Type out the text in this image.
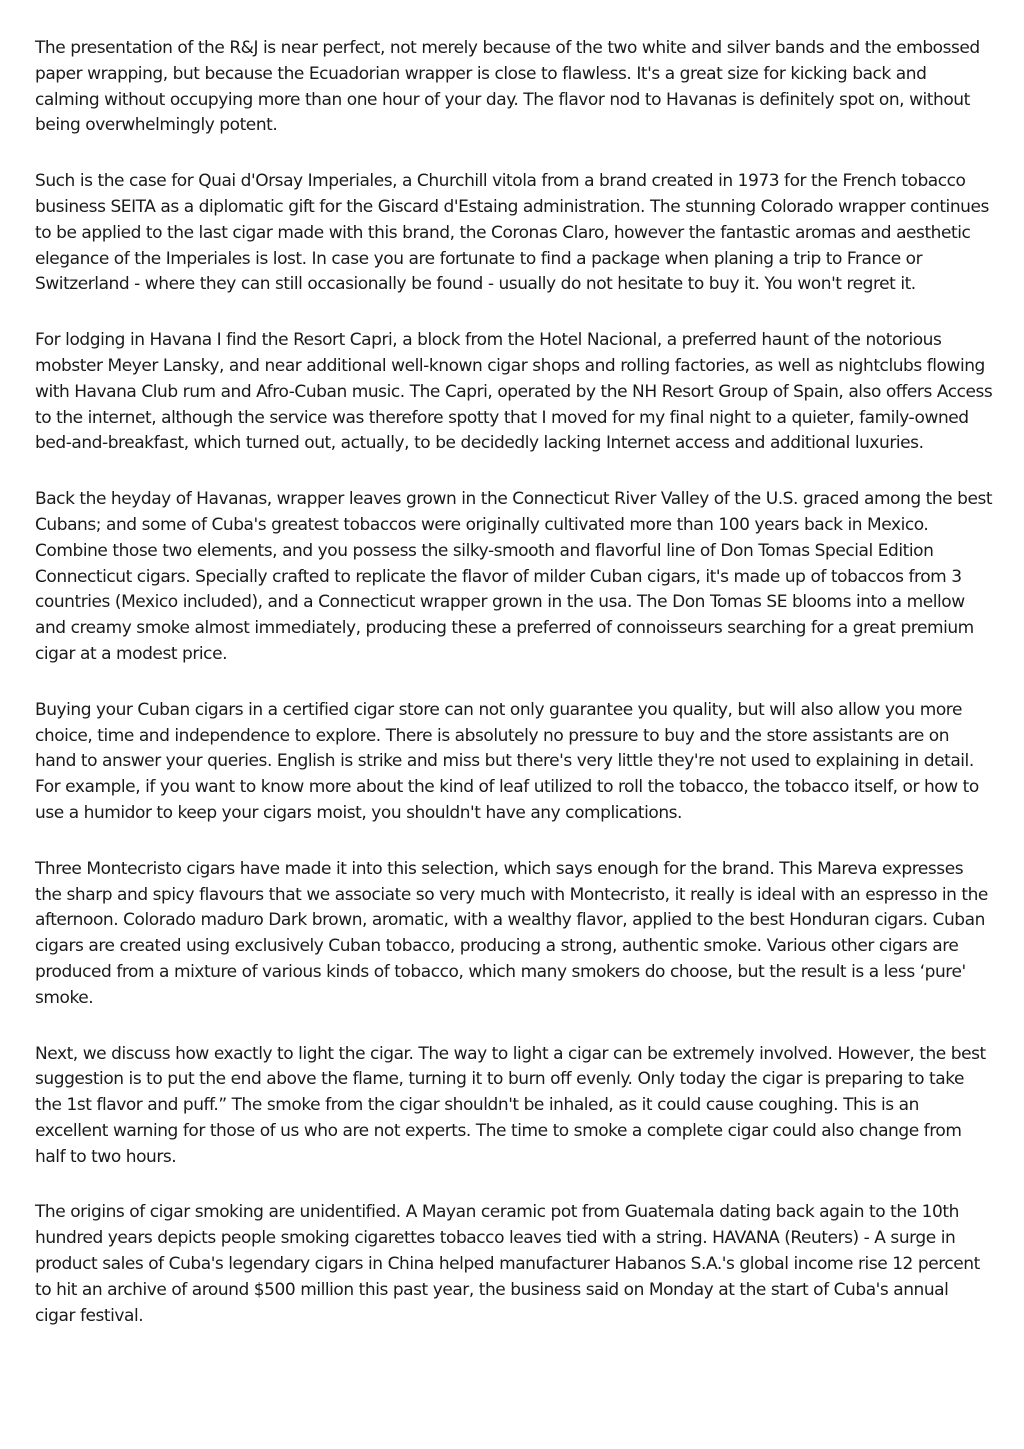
The presentation of the R&J is near perfect, not merely because of the two white and silver bands and the embossed paper wrapping, but because the Ecuadorian wrapper is close to flawless. It's a great size for kicking back and calming without occupying more than one hour of your day. The flavor nod to Havanas is definitely spot on, without being overwhelmingly potent.

Such is the case for Quai d'Orsay Imperiales, a Churchill vitola from a brand created in 1973 for the French tobacco business SEITA as a diplomatic gift for the Giscard d'Estaing administration. The stunning Colorado wrapper continues to be applied to the last cigar made with this brand, the Coronas Claro, however the fantastic aromas and aesthetic elegance of the Imperiales is lost. In case you are fortunate to find a package when planing a trip to France or Switzerland - where they can still occasionally be found - usually do not hesitate to buy it. You won't regret it.

For lodging in Havana I find the Resort Capri, a block from the Hotel Nacional, a preferred haunt of the notorious mobster Meyer Lansky, and near additional well-known cigar shops and rolling factories, as well as nightclubs flowing with Havana Club rum and Afro-Cuban music. The Capri, operated by the NH Resort Group of Spain, also offers Access to the internet, although the service was therefore spotty that I moved for my final night to a quieter, family-owned bed-and-breakfast, which turned out, actually, to be decidedly lacking Internet access and additional luxuries.

Back the heyday of Havanas, wrapper leaves grown in the Connecticut River Valley of the U.S. graced among the best Cubans; and some of Cuba's greatest tobaccos were originally cultivated more than 100 years back in Mexico. Combine those two elements, and you possess the silky-smooth and flavorful line of Don Tomas Special Edition Connecticut cigars. Specially crafted to replicate the flavor of milder Cuban cigars, it's made up of tobaccos from 3 countries (Mexico included), and a Connecticut wrapper grown in the usa. The Don Tomas SE blooms into a mellow and creamy smoke almost immediately, producing these a preferred of connoisseurs searching for a great premium cigar at a modest price.

Buying your Cuban cigars in a certified cigar store can not only guarantee you quality, but will also allow you more choice, time and independence to explore. There is absolutely no pressure to buy and the store assistants are on hand to answer your queries. English is strike and miss but there's very little they're not used to explaining in detail. For example, if you want to know more about the kind of leaf utilized to roll the tobacco, the tobacco itself, or how to use a humidor to keep your cigars moist, you shouldn't have any complications.

Three Montecristo cigars have made it into this selection, which says enough for the brand. This Mareva expresses the sharp and spicy flavours that we associate so very much with Montecristo, it really is ideal with an espresso in the afternoon. Colorado maduro Dark brown, aromatic, with a wealthy flavor, applied to the best Honduran cigars. Cuban cigars are created using exclusively Cuban tobacco, producing a strong, authentic smoke. Various other cigars are produced from a mixture of various kinds of tobacco, which many smokers do choose, but the result is a less ‘pure' smoke.

Next, we discuss how exactly to light the cigar. The way to light a cigar can be extremely involved. However, the best suggestion is to put the end above the flame, turning it to burn off evenly. Only today the cigar is preparing to take the 1st flavor and puff.” The smoke from the cigar shouldn't be inhaled, as it could cause coughing. This is an excellent warning for those of us who are not experts. The time to smoke a complete cigar could also change from half to two hours.

The origins of cigar smoking are unidentified. A Mayan ceramic pot from Guatemala dating back again to the 10th hundred years depicts people smoking cigarettes tobacco leaves tied with a string. HAVANA (Reuters) - A surge in product sales of Cuba's legendary cigars in China helped manufacturer Habanos S.A.'s global income rise 12 percent to hit an archive of around $500 million this past year, the business said on Monday at the start of Cuba's annual cigar festival.
